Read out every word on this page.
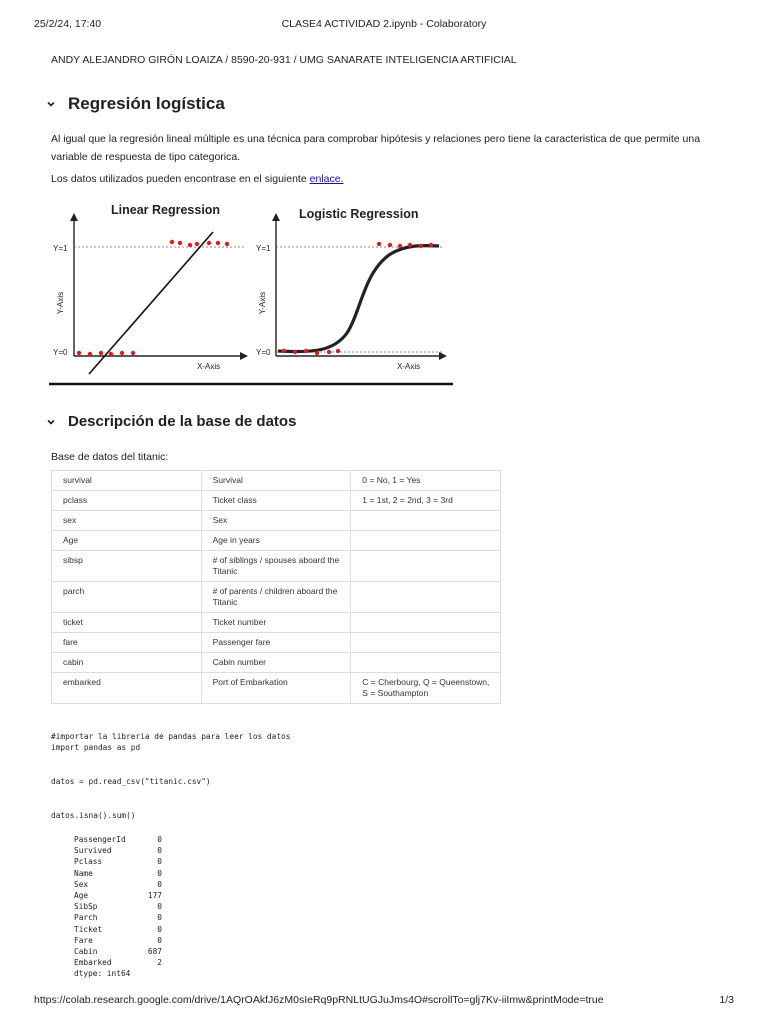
25/2/24, 17:40	CLASE4 ACTIVIDAD 2.ipynb - Colaboratory
ANDY ALEJANDRO GIRÓN LOAIZA / 8590-20-931 / UMG SANARATE INTELIGENCIA ARTIFICIAL
Regresión logística
Al igual que la regresión lineal múltiple es una técnica para comprobar hipótesis y relaciones pero tiene la caracteristica de que permite una
variable de respuesta de tipo categorica.
Los datos utilizados pueden encontrase en el siguiente enlace.
Linear Regression
Y=1
Y=0
Y-Axis
X-Axis
Logistic Regression
Y=1
Y=0
Y-Axis
X-Axis
Descripción de la base de datos
Base de datos del titanic:
survival	Survival	0 = No, 1 = Yes
pclass	Ticket class	1 = 1st, 2 = 2nd, 3 = 3rd
sex	Sex	
Age	Age in years	
sibsp	# of siblings / spouses aboard the Titanic	
parch	# of parents / children aboard the Titanic	
ticket	Ticket number	
fare	Passenger fare	
cabin	Cabin number	
embarked	Port of Embarkation	C = Cherbourg, Q = Queenstown, S = Southampton
#importar la libreria de pandas para leer los datos
import pandas as pd
datos = pd.read_csv("titanic.csv")
datos.isna().sum()
PassengerId	0
Survived	0
Pclass	0
Name	0
Sex	0
Age	177
SibSp	0
Parch	0
Ticket	0
Fare	0
Cabin	687
Embarked	2
dtype: int64
https://colab.research.google.com/drive/1AQrOAkfJ6zM0sIeRq9pRNLtUGJuJms4O#scrollTo=glj7Kv-iiImw&printMode=true	1/3
